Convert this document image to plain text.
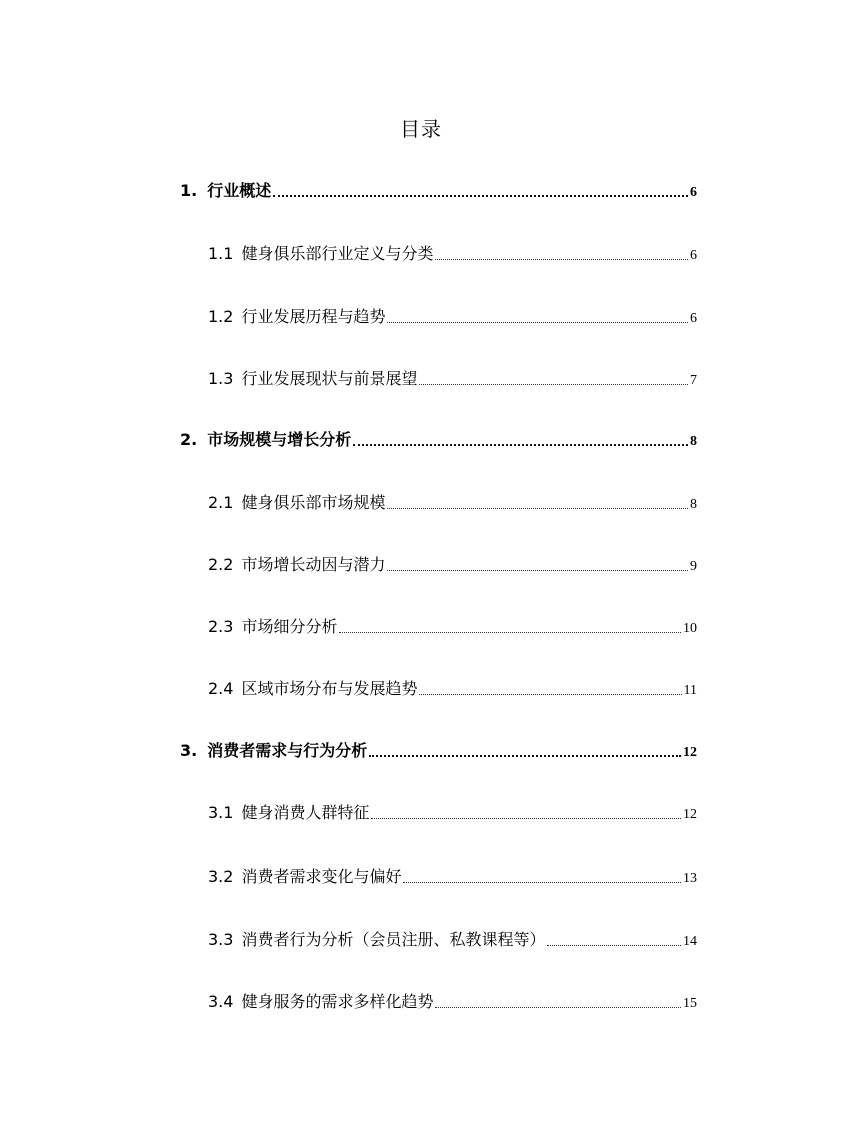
目录
1. 行业概述	6
1.1 健身俱乐部行业定义与分类	6
1.2 行业发展历程与趋势	6
1.3 行业发展现状与前景展望	7
2. 市场规模与增长分析	8
2.1 健身俱乐部市场规模	8
2.2 市场增长动因与潜力	9
2.3 市场细分分析	10
2.4 区域市场分布与发展趋势	11
3. 消费者需求与行为分析	12
3.1 健身消费人群特征	12
3.2 消费者需求变化与偏好	13
3.3 消费者行为分析（会员注册、私教课程等）	14
3.4 健身服务的需求多样化趋势	15
